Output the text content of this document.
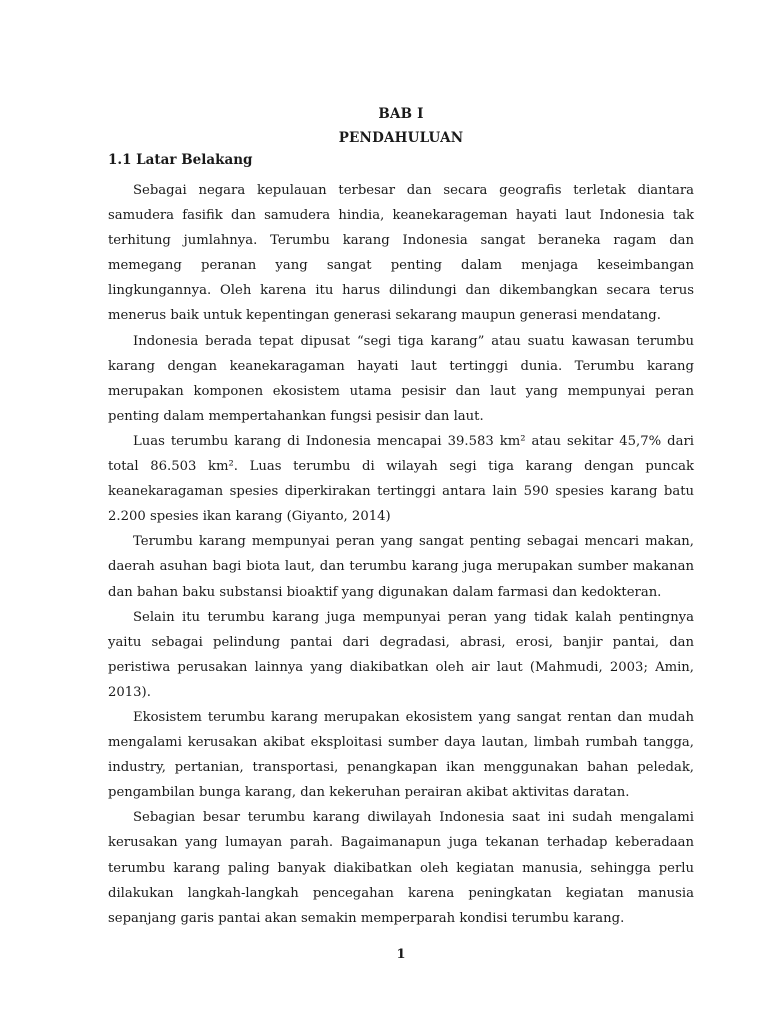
BAB I
PENDAHULUAN
1.1 Latar Belakang

Sebagai negara kepulauan terbesar dan secara geografis terletak diantara samudera fasifik dan samudera hindia, keanekarageman hayati laut Indonesia tak terhitung jumlahnya. Terumbu karang Indonesia sangat beraneka ragam dan memegang peranan yang sangat penting dalam menjaga keseimbangan lingkungannya. Oleh karena itu harus dilindungi dan dikembangkan secara terus menerus baik untuk kepentingan generasi sekarang maupun generasi mendatang.

Indonesia berada tepat dipusat “segi tiga karang” atau suatu kawasan terumbu karang dengan keanekaragaman hayati laut tertinggi dunia. Terumbu karang merupakan komponen ekosistem utama pesisir dan laut yang mempunyai peran penting dalam mempertahankan fungsi pesisir dan laut.

Luas terumbu karang di Indonesia mencapai 39.583 km² atau sekitar 45,7% dari total 86.503 km². Luas terumbu di wilayah segi tiga karang dengan puncak keanekaragaman spesies diperkirakan tertinggi antara lain 590 spesies karang batu 2.200 spesies ikan karang (Giyanto, 2014)

Terumbu karang mempunyai peran yang sangat penting sebagai mencari makan, daerah asuhan bagi biota laut, dan terumbu karang juga merupakan sumber makanan dan bahan baku substansi bioaktif yang digunakan dalam farmasi dan kedokteran.

Selain itu terumbu karang juga mempunyai peran yang tidak kalah pentingnya yaitu sebagai pelindung pantai dari degradasi, abrasi, erosi, banjir pantai, dan peristiwa perusakan lainnya yang diakibatkan oleh air laut (Mahmudi, 2003; Amin, 2013).

Ekosistem terumbu karang merupakan ekosistem yang sangat rentan dan mudah mengalami kerusakan akibat eksploitasi sumber daya lautan, limbah rumbah tangga, industry, pertanian, transportasi, penangkapan ikan menggunakan bahan peledak, pengambilan bunga karang, dan kekeruhan perairan akibat aktivitas daratan.

Sebagian besar terumbu karang diwilayah Indonesia saat ini sudah mengalami kerusakan yang lumayan parah. Bagaimanapun juga tekanan terhadap keberadaan terumbu karang paling banyak diakibatkan oleh kegiatan manusia, sehingga perlu dilakukan langkah-langkah pencegahan karena peningkatan kegiatan manusia sepanjang garis pantai akan semakin memperparah kondisi terumbu karang.

1
